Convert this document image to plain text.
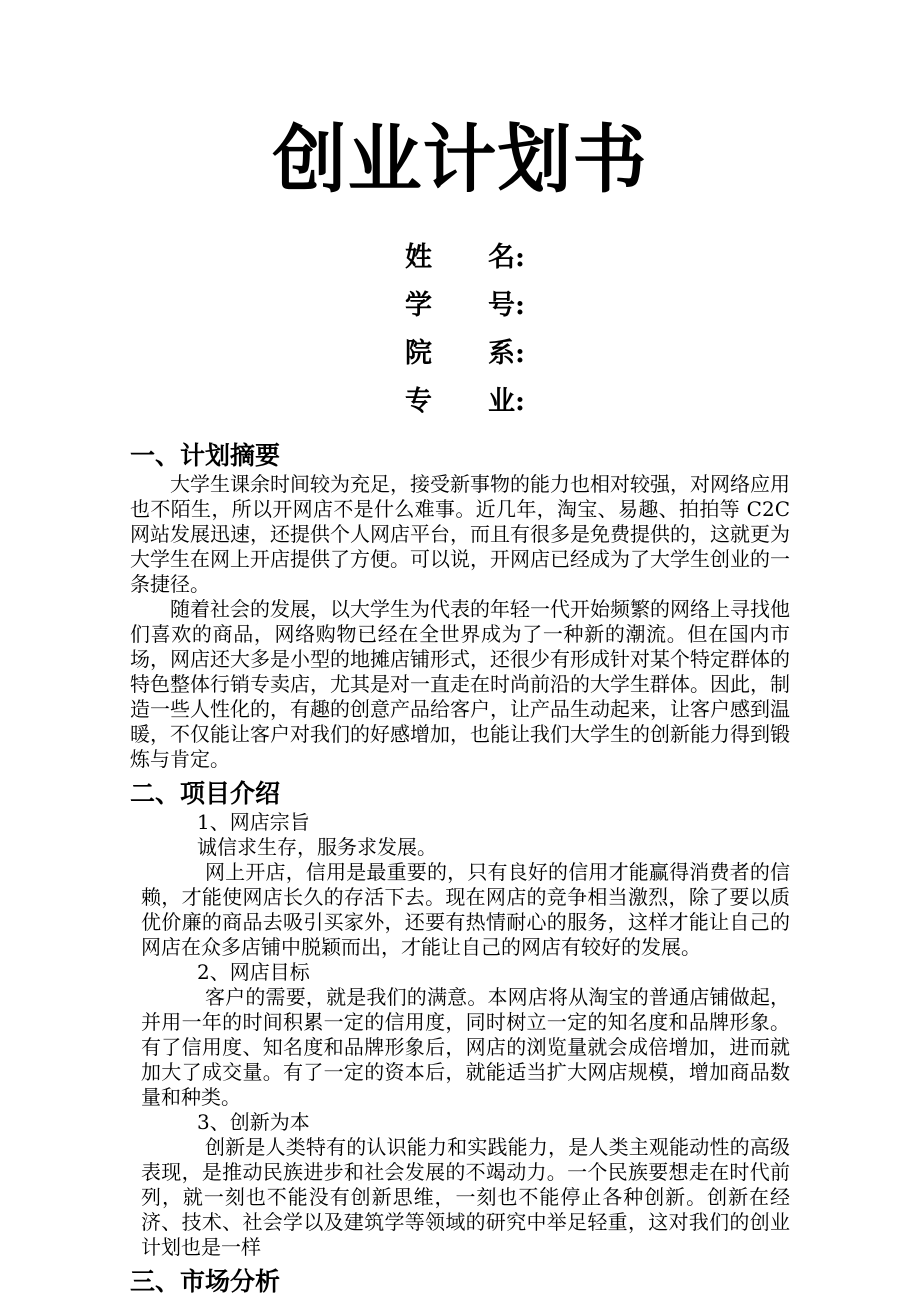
创业计划书
姓 名:
学 号:
院 系:
专 业:
一、计划摘要

大学生课余时间较为充足，接受新事物的能力也相对较强，对网络应用也不陌生，所以开网店不是什么难事。近几年，淘宝、易趣、拍拍等 C2C 网站发展迅速，还提供个人网店平台，而且有很多是免费提供的，这就更为大学生在网上开店提供了方便。可以说，开网店已经成为了大学生创业的一条捷径。

随着社会的发展，以大学生为代表的年轻一代开始频繁的网络上寻找他们喜欢的商品，网络购物已经在全世界成为了一种新的潮流。但在国内市场，网店还大多是小型的地摊店铺形式，还很少有形成针对某个特定群体的特色整体行销专卖店，尤其是对一直走在时尚前沿的大学生群体。因此，制造一些人性化的，有趣的创意产品给客户，让产品生动起来，让客户感到温暖，不仅能让客户对我们的好感增加，也能让我们大学生的创新能力得到锻炼与肯定。

二、项目介绍

1、网店宗旨

诚信求生存，服务求发展。

网上开店，信用是最重要的，只有良好的信用才能赢得消费者的信赖，才能使网店长久的存活下去。现在网店的竞争相当激烈，除了要以质优价廉的商品去吸引买家外，还要有热情耐心的服务，这样才能让自己的网店在众多店铺中脱颖而出，才能让自己的网店有较好的发展。

2、网店目标

客户的需要，就是我们的满意。本网店将从淘宝的普通店铺做起，并用一年的时间积累一定的信用度，同时树立一定的知名度和品牌形象。有了信用度、知名度和品牌形象后，网店的浏览量就会成倍增加，进而就加大了成交量。有了一定的资本后，就能适当扩大网店规模，增加商品数量和种类。

3、创新为本

创新是人类特有的认识能力和实践能力，是人类主观能动性的高级表现，是推动民族进步和社会发展的不竭动力。一个民族要想走在时代前列，就一刻也不能没有创新思维，一刻也不能停止各种创新。创新在经济、技术、社会学以及建筑学等领域的研究中举足轻重，这对我们的创业计划也是一样

三、市场分析
